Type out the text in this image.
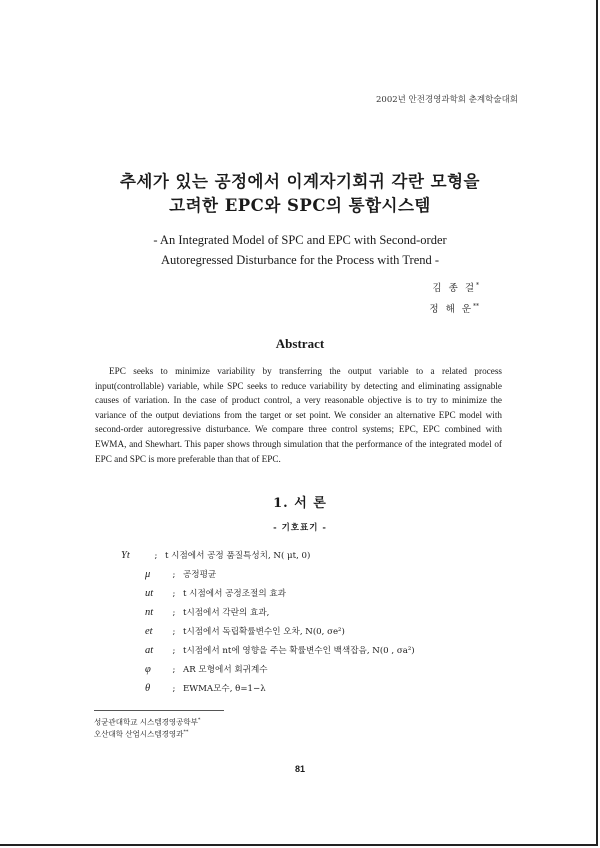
2002년 안전경영과학회 춘계학술대회
추세가 있는 공정에서 이계자기회귀 각란 모형을
고려한 EPC와 SPC의 통합시스템
- An Integrated Model of SPC and EPC with Second-order
Autoregressed Disturbance for the Process with Trend -
김 종 걸*
정 해 운**
Abstract
EPC seeks to minimize variability by transferring the output variable to a related process input(controllable) variable, while SPC seeks to reduce variability by detecting and eliminating assignable causes of variation. In the case of product control, a very reasonable objective is to try to minimize the variance of the output deviations from the target or set point. We consider an alternative EPC model with second-order autoregressive disturbance. We compare three control systems; EPC, EPC combined with EWMA, and Shewhart. This paper shows through simulation that the performance of the integrated model of EPC and SPC is more preferable than that of EPC.
1. 서 론
- 기호표기 -
Yt	; t 시점에서 공정 품질특성치, N( μt, 0)
μ	; 공정평균
ut ; t 시점에서 공정조절의 효과
nt ; t시점에서 각란의 효과,
et ; t시점에서 독립확률변수인 오차, N(0, σe²)
at ; t시점에서 nt에 영향을 주는 확률변수인 백색잡음, N(0 , σa²)
φ	; AR 모형에서 회귀계수
θ	; EWMA모수, θ=1−λ
성균관대학교 시스템경영공학부*
오산대학 산업시스템경영과**
81
